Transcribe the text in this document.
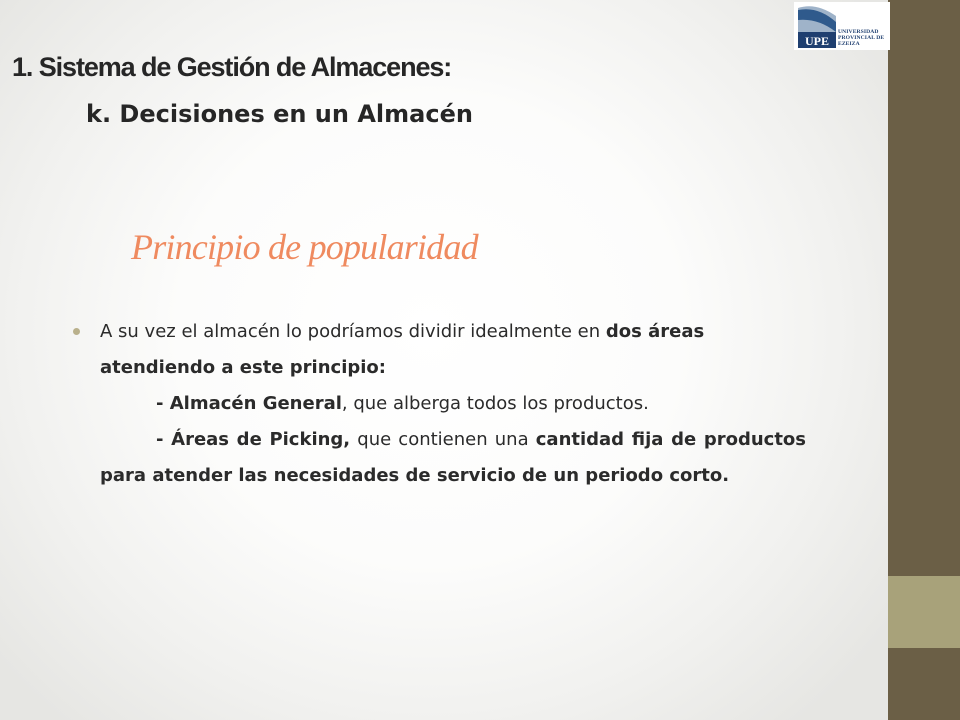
UPE
UNIVERSIDAD
PROVINCIAL DE
EZEIZA
1. Sistema de Gestión de Almacenes:
k. Decisiones en un Almacén
Principio de popularidad

A su vez el almacén lo podríamos dividir idealmente en dos áreas atendiendo a este principio:

- Almacén General, que alberga todos los productos.

- Áreas de Picking, que contienen una cantidad fija de productos para atender las necesidades de servicio de un periodo corto.
